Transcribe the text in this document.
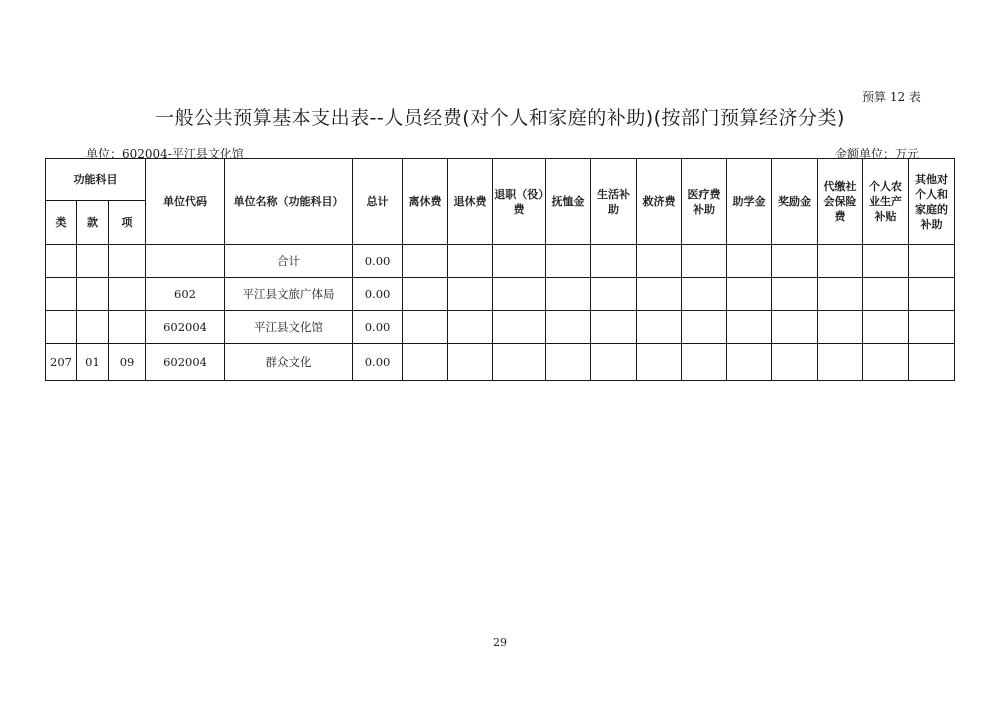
预算 12 表
一般公共预算基本支出表--人员经费(对个人和家庭的补助)(按部门预算经济分类)
单位：602004-平江县文化馆	金额单位：万元
功能科目			单位代码	单位名称（功能科目）	总计	离休费	退休费	退职（役）费	抚恤金	生活补助	救济费	医疗费补助	助学金	奖励金	代缴社会保险费	个人农业生产补贴	其他对个人和家庭的补助
类	款	项															
				合计	0.00												
			602	平江县文旅广体局	0.00												
			602004	平江县文化馆	0.00												
207	01	09	602004	群众文化	0.00												
29
